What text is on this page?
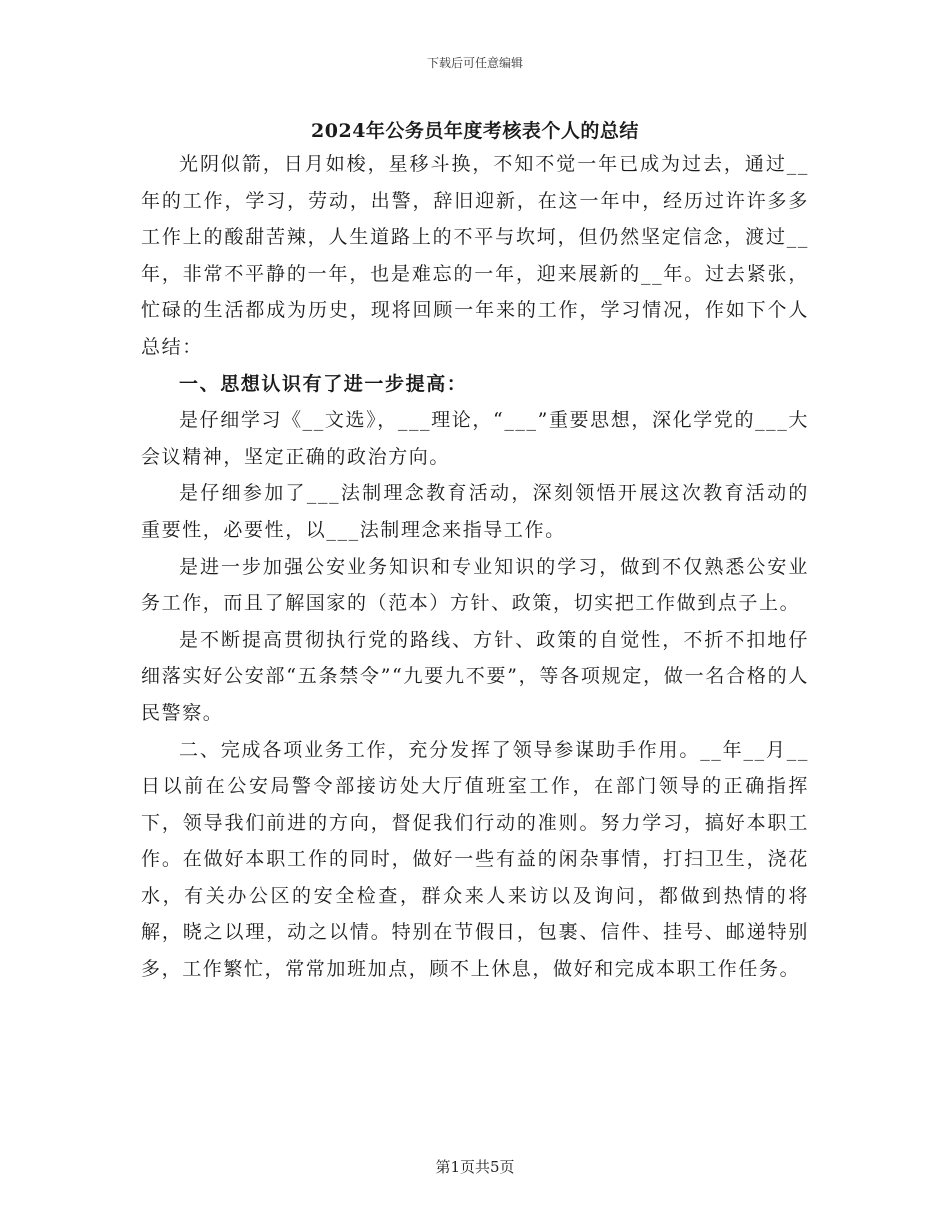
下载后可任意编辑
2024年公务员年度考核表个人的总结

光阴似箭，日月如梭，星移斗换，不知不觉一年已成为过去，通过__年的工作，学习，劳动，出警，辞旧迎新，在这一年中，经历过许许多多工作上的酸甜苦辣，人生道路上的不平与坎坷，但仍然坚定信念，渡过__年，非常不平静的一年，也是难忘的一年，迎来展新的__年。过去紧张，忙碌的生活都成为历史，现将回顾一年来的工作，学习情况，作如下个人总结：

一、思想认识有了进一步提高：

是仔细学习《__文选》，___理论，“___”重要思想，深化学党的___大会议精神，坚定正确的政治方向。

是仔细参加了___法制理念教育活动，深刻领悟开展这次教育活动的重要性，必要性，以___法制理念来指导工作。

是进一步加强公安业务知识和专业知识的学习，做到不仅熟悉公安业务工作，而且了解国家的（范本）方针、政策，切实把工作做到点子上。

是不断提高贯彻执行党的路线、方针、政策的自觉性，不折不扣地仔细落实好公安部“五条禁令”“九要九不要”，等各项规定，做一名合格的人民警察。

二、完成各项业务工作，充分发挥了领导参谋助手作用。__年__月__日以前在公安局警令部接访处大厅值班室工作，在部门领导的正确指挥下，领导我们前进的方向，督促我们行动的准则。努力学习，搞好本职工作。在做好本职工作的同时，做好一些有益的闲杂事情，打扫卫生，浇花水，有关办公区的安全检查，群众来人来访以及询问，都做到热情的将解，晓之以理，动之以情。特别在节假日，包裹、信件、挂号、邮递特别多，工作繁忙，常常加班加点，顾不上休息，做好和完成本职工作任务。

第1页共5页
